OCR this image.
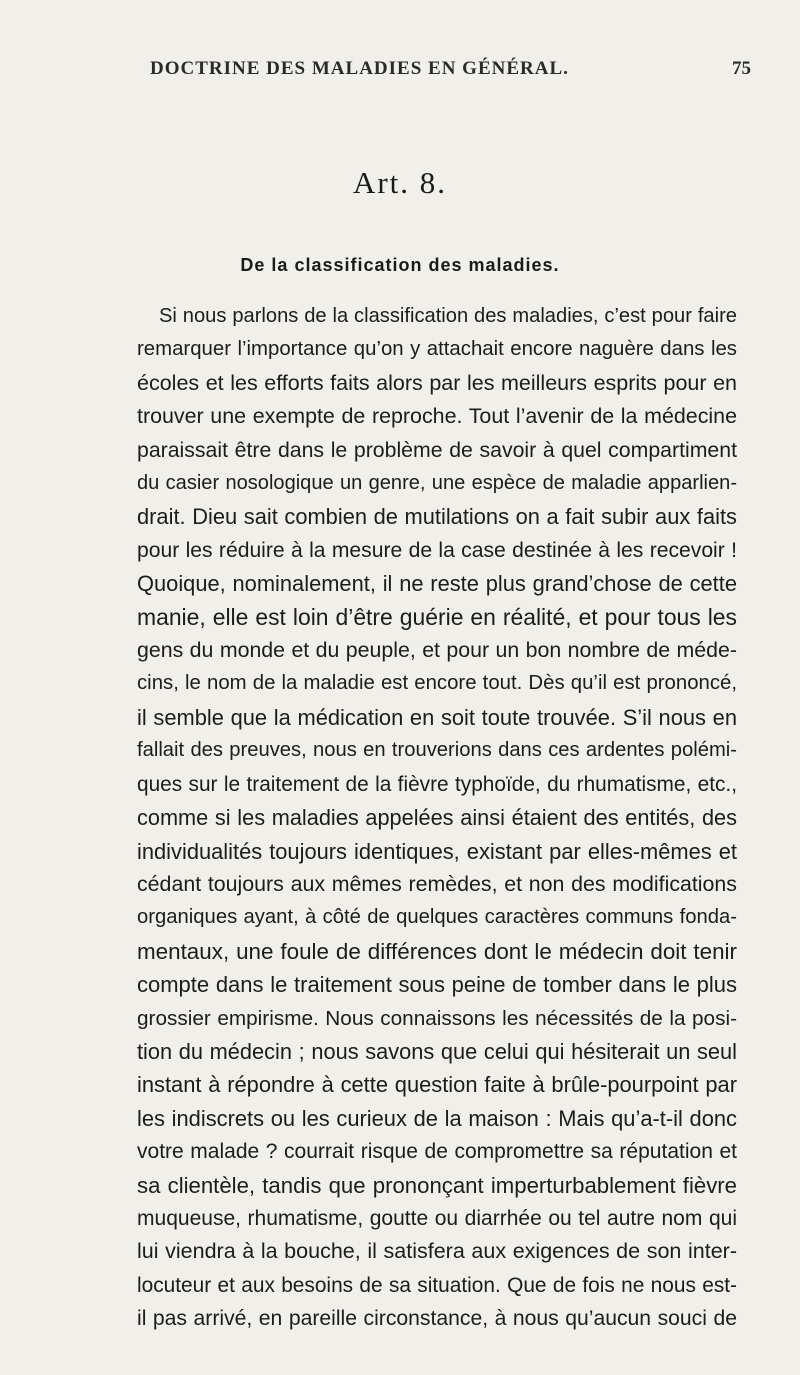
DOCTRINE DES MALADIES EN GÉNÉRAL.	75
Art. 8.
De la classification des maladies.
Si nous parlons de la classification des maladies, c’est pour faire
remarquer l’importance qu’on y attachait encore naguère dans les
écoles et les efforts faits alors par les meilleurs esprits pour en
trouver une exempte de reproche. Tout l’avenir de la médecine
paraissait être dans le problème de savoir à quel compartiment
du casier nosologique un genre, une espèce de maladie apparlien-
drait. Dieu sait combien de mutilations on a fait subir aux faits
pour les réduire à la mesure de la case destinée à les recevoir !
Quoique, nominalement, il ne reste plus grand’chose de cette
manie, elle est loin d’être guérie en réalité, et pour tous les
gens du monde et du peuple, et pour un bon nombre de méde-
cins, le nom de la maladie est encore tout. Dès qu’il est prononcé,
il semble que la médication en soit toute trouvée. S’il nous en
fallait des preuves, nous en trouverions dans ces ardentes polémi-
ques sur le traitement de la fièvre typhoïde, du rhumatisme, etc.,
comme si les maladies appelées ainsi étaient des entités, des
individualités toujours identiques, existant par elles-mêmes et
cédant toujours aux mêmes remèdes, et non des modifications
organiques ayant, à côté de quelques caractères communs fonda-
mentaux, une foule de différences dont le médecin doit tenir
compte dans le traitement sous peine de tomber dans le plus
grossier empirisme. Nous connaissons les nécessités de la posi-
tion du médecin ; nous savons que celui qui hésiterait un seul
instant à répondre à cette question faite à brûle-pourpoint par
les indiscrets ou les curieux de la maison : Mais qu’a-t-il donc
votre malade ? courrait risque de compromettre sa réputation et
sa clientèle, tandis que prononçant imperturbablement fièvre
muqueuse, rhumatisme, goutte ou diarrhée ou tel autre nom qui
lui viendra à la bouche, il satisfera aux exigences de son inter-
locuteur et aux besoins de sa situation. Que de fois ne nous est-
il pas arrivé, en pareille circonstance, à nous qu’aucun souci de
